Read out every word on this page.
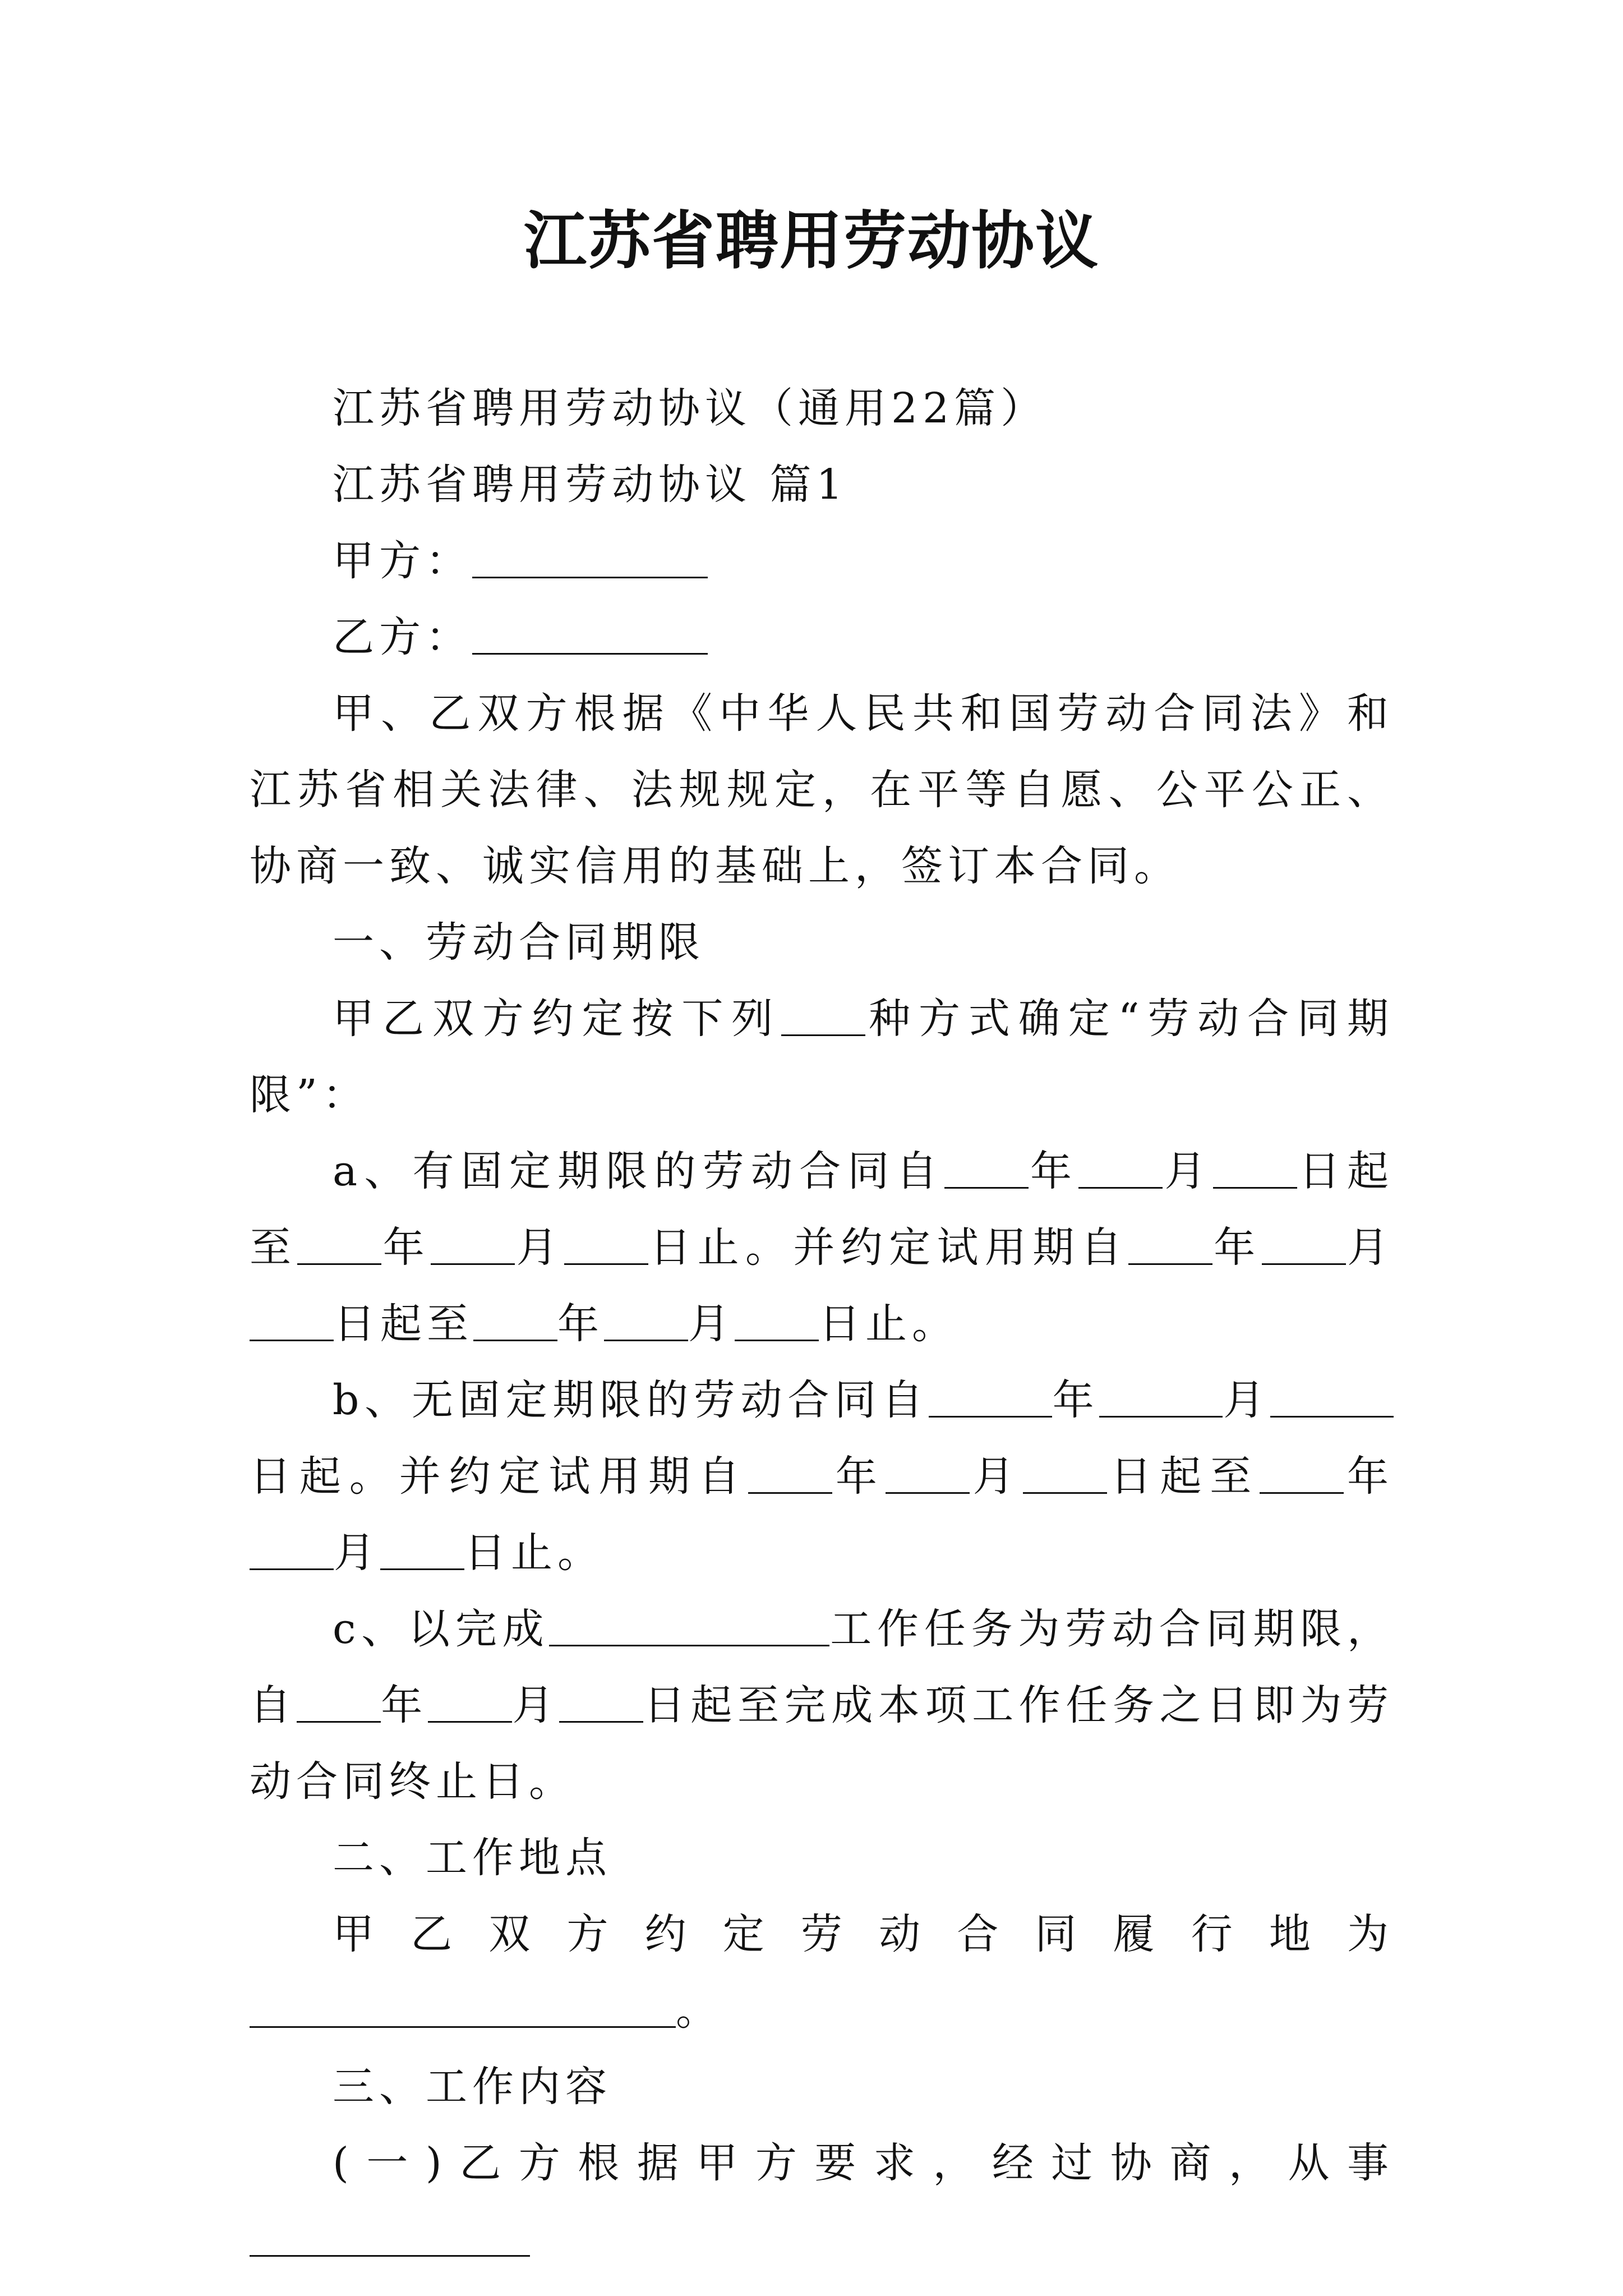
江苏省聘用劳动协议

江苏省聘用劳动协议（通用22篇）

江苏省聘用劳动协议 篇1

甲方：

乙方：

甲、乙双方根据《中华人民共和国劳动合同法》和江苏省相关法律、法规规定，在平等自愿、公平公正、协商一致、诚实信用的基础上，签订本合同。

一、劳动合同期限

甲乙双方约定按下列 种方式确定“劳动合同期限”：

a、有固定期限的劳动合同自 年 月 日起至 年 月 日止。并约定试用期自 年 月日起至 年 月 日止。

b、无固定期限的劳动合同自	年	月日起。并约定试用期自 年 月 日起至 年月 日止。

c、以完成	工作任务为劳动合同期限，自 年 月 日起至完成本项工作任务之日即为劳动合同终止日。

二、工作地点

甲乙双方约定劳动合同履行地为。

三、工作内容

(一)乙方根据甲方要求，经过协商，从事
